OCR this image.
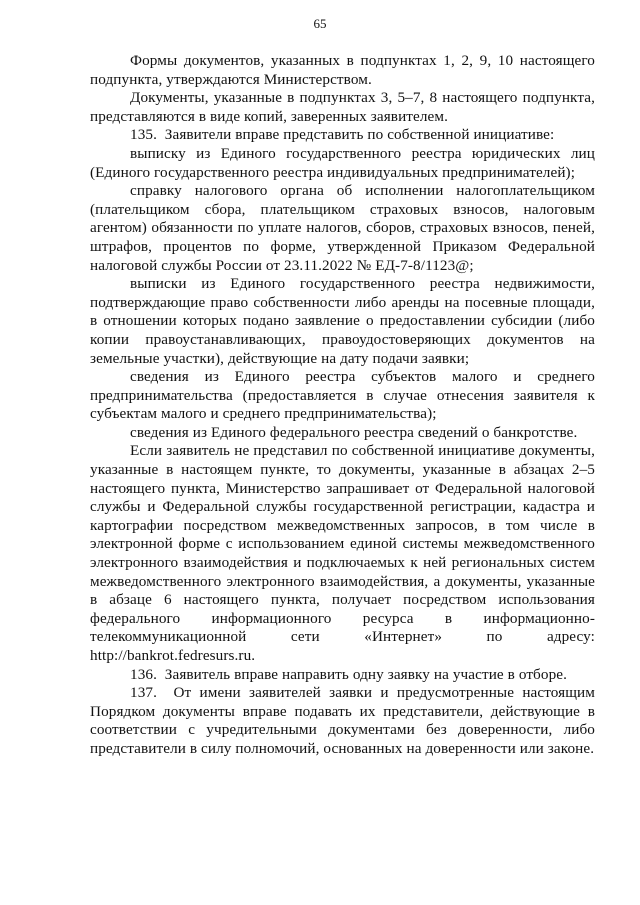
65

Формы документов, указанных в подпунктах 1, 2, 9, 10 настоящего подпункта, утверждаются Министерством.

Документы, указанные в подпунктах 3, 5–7, 8 настоящего подпункта, представляются в виде копий, заверенных заявителем.

135.  Заявители вправе представить по собственной инициативе:

выписку из Единого государственного реестра юридических лиц (Единого государственного реестра индивидуальных предпринимателей);

справку налогового органа об исполнении налогоплательщиком (плательщиком сбора, плательщиком страховых взносов, налоговым агентом) обязанности по уплате налогов, сборов, страховых взносов, пеней, штрафов, процентов по форме, утвержденной Приказом Федеральной налоговой службы России от 23.11.2022 № ЕД-7-8/1123@;

выписки из Единого государственного реестра недвижимости, подтверждающие право собственности либо аренды на посевные площади, в отношении которых подано заявление о предоставлении субсидии (либо копии правоустанавливающих, правоудостоверяющих документов на земельные участки), действующие на дату подачи заявки;

сведения из Единого реестра субъектов малого и среднего предпринимательства (предоставляется в случае отнесения заявителя к субъектам малого и среднего предпринимательства);

сведения из Единого федерального реестра сведений о банкротстве.

Если заявитель не представил по собственной инициативе документы, указанные в настоящем пункте, то документы, указанные в абзацах 2–5 настоящего пункта, Министерство запрашивает от Федеральной налоговой службы и Федеральной службы государственной регистрации, кадастра и картографии посредством межведомственных запросов, в том числе в электронной форме с использованием единой системы межведомственного электронного взаимодействия и подключаемых к ней региональных систем межведомственного электронного взаимодействия, а документы, указанные в абзаце 6 настоящего пункта, получает посредством использования федерального информационного ресурса в информационно-телекоммуникационной сети «Интернет» по адресу: http://bankrot.fedresurs.ru.

136.  Заявитель вправе направить одну заявку на участие в отборе.

137.  От имени заявителей заявки и предусмотренные настоящим Порядком документы вправе подавать их представители, действующие в соответствии с учредительными документами без доверенности, либо представители в силу полномочий, основанных на доверенности или законе.
